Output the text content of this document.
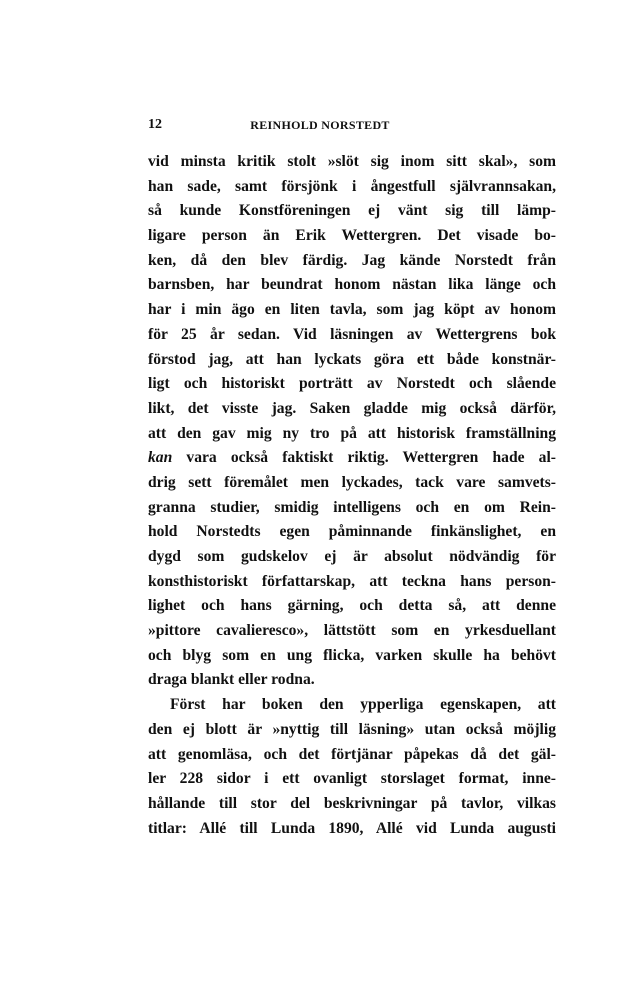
12	REINHOLD NORSTEDT
vid minsta kritik stolt »slöt sig inom sitt skal», som
han sade, samt försjönk i ångestfull självrannsakan,
så kunde Konstföreningen ej vänt sig till lämp-
ligare person än Erik Wettergren. Det visade bo-
ken, då den blev färdig. Jag kände Norstedt från
barnsben, har beundrat honom nästan lika länge och
har i min ägo en liten tavla, som jag köpt av honom
för 25 år sedan. Vid läsningen av Wettergrens bok
förstod jag, att han lyckats göra ett både konstnär-
ligt och historiskt porträtt av Norstedt och slående
likt, det visste jag. Saken gladde mig också därför,
att den gav mig ny tro på att historisk framställning
kan vara också faktiskt riktig. Wettergren hade al-
drig sett föremålet men lyckades, tack vare samvets-
granna studier, smidig intelligens och en om Rein-
hold Norstedts egen påminnande finkänslighet, en
dygd som gudskelov ej är absolut nödvändig för
konsthistoriskt författarskap, att teckna hans person-
lighet och hans gärning, och detta så, att denne
»pittore cavalieresco», lättstött som en yrkesduellant
och blyg som en ung flicka, varken skulle ha behövt
draga blankt eller rodna.
Först har boken den ypperliga egenskapen, att
den ej blott är »nyttig till läsning» utan också möjlig
att genomläsa, och det förtjänar påpekas då det gäl-
ler 228 sidor i ett ovanligt storslaget format, inne-
hållande till stor del beskrivningar på tavlor, vilkas
titlar: Allé till Lunda 1890, Allé vid Lunda augusti
